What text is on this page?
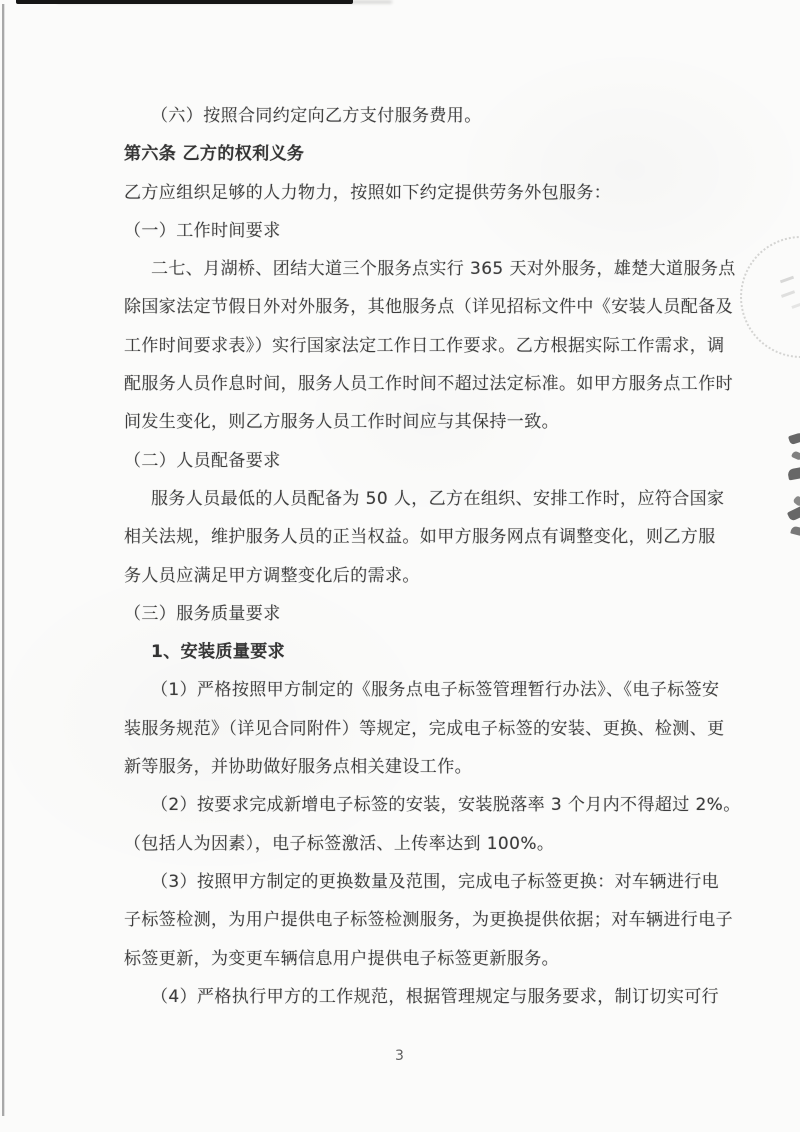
（六）按照合同约定向乙方支付服务费用。
第六条 乙方的权利义务
乙方应组织足够的人力物力，按照如下约定提供劳务外包服务：
（一）工作时间要求
二七、月湖桥、团结大道三个服务点实行 365 天对外服务，雄楚大道服务点
除国家法定节假日外对外服务，其他服务点（详见招标文件中《安装人员配备及
工作时间要求表》）实行国家法定工作日工作要求。乙方根据实际工作需求，调
配服务人员作息时间，服务人员工作时间不超过法定标准。如甲方服务点工作时
间发生变化，则乙方服务人员工作时间应与其保持一致。
（二）人员配备要求
服务人员最低的人员配备为 50 人，乙方在组织、安排工作时，应符合国家
相关法规，维护服务人员的正当权益。如甲方服务网点有调整变化，则乙方服
务人员应满足甲方调整变化后的需求。
（三）服务质量要求
1、安装质量要求
（1）严格按照甲方制定的《服务点电子标签管理暂行办法》、《电子标签安
装服务规范》（详见合同附件）等规定，完成电子标签的安装、更换、检测、更
新等服务，并协助做好服务点相关建设工作。
（2）按要求完成新增电子标签的安装，安装脱落率 3 个月内不得超过 2%。
（包括人为因素），电子标签激活、上传率达到 100%。
（3）按照甲方制定的更换数量及范围，完成电子标签更换：对车辆进行电
子标签检测，为用户提供电子标签检测服务，为更换提供依据；对车辆进行电子
标签更新，为变更车辆信息用户提供电子标签更新服务。
（4）严格执行甲方的工作规范，根据管理规定与服务要求，制订切实可行
3
